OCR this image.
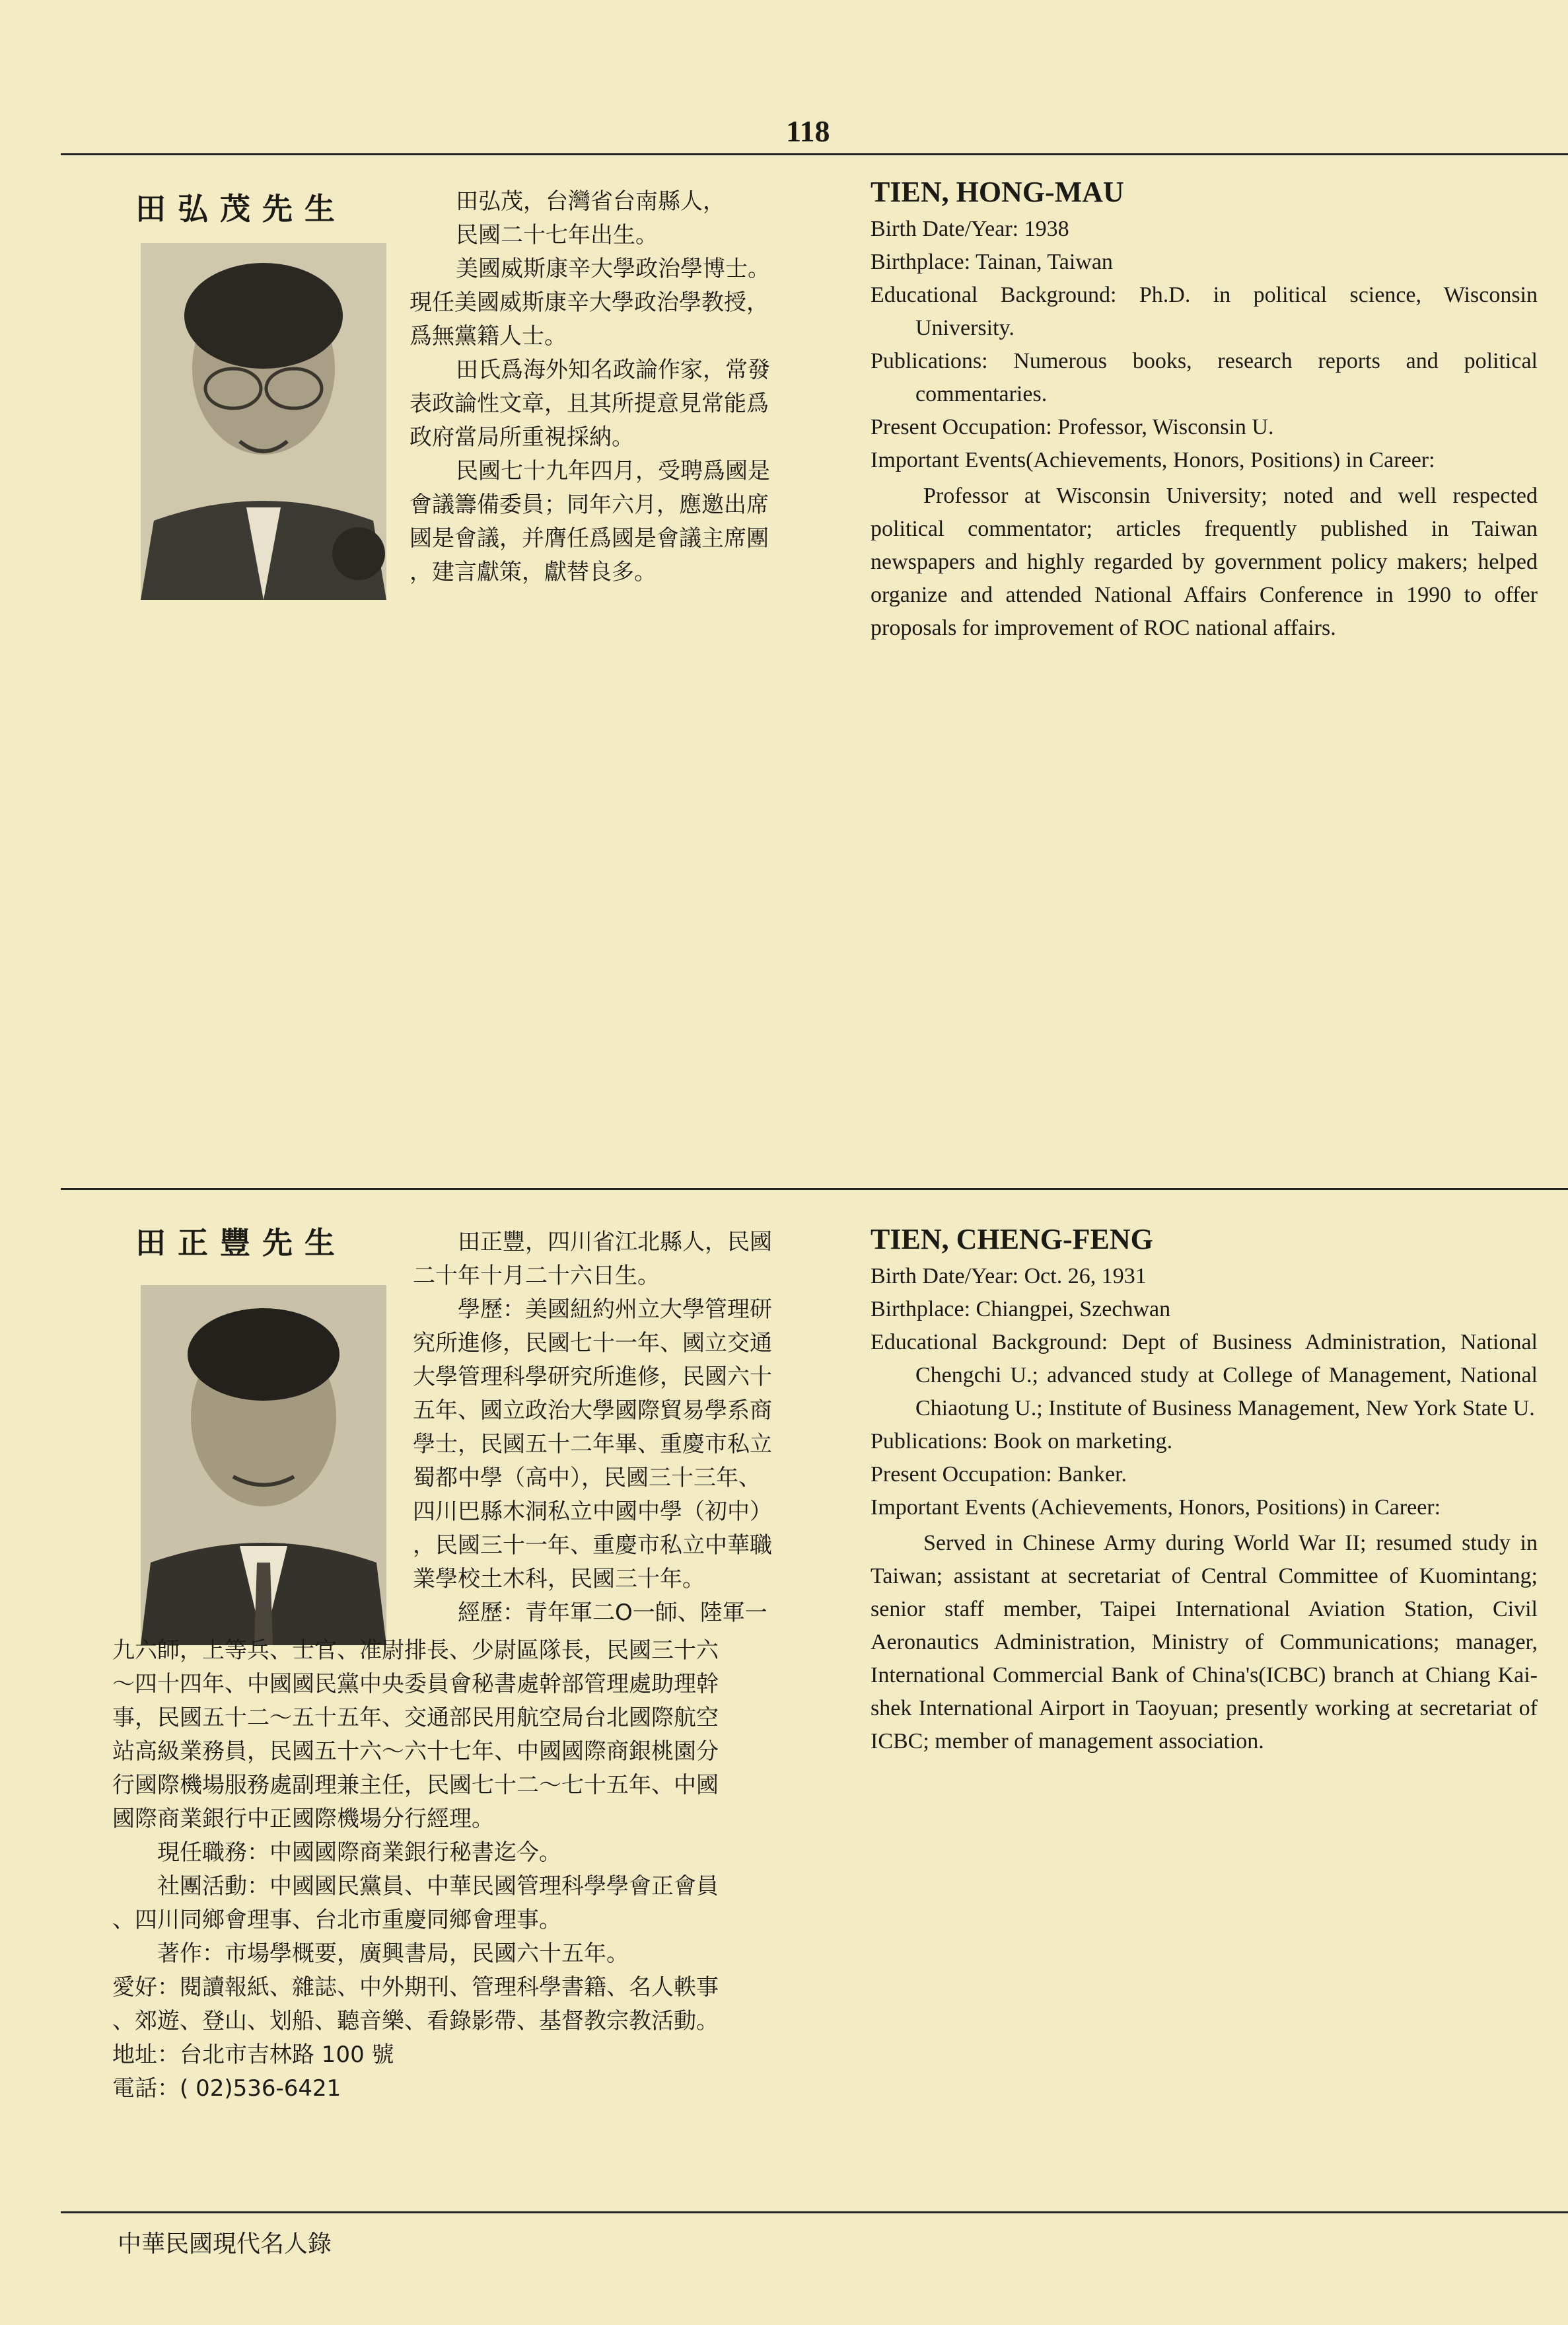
118
田弘茂先生	田弘茂，台灣省台南縣人，
民國二十七年出生。
美國威斯康辛大學政治學博士。
現任美國威斯康辛大學政治學教授，
爲無黨籍人士。
田氏爲海外知名政論作家，常發
表政論性文章，且其所提意見常能爲
政府當局所重視採納。
民國七十九年四月，受聘爲國是
會議籌備委員；同年六月，應邀出席
國是會議，并膺任爲國是會議主席團
，建言獻策，獻替良多。
TIEN, HONG-MAU
Birth Date/Year: 1938
Birthplace: Tainan, Taiwan
Educational Background: Ph.D. in political science, Wisconsin University.
Publications: Numerous books, research reports and political commentaries.
Present Occupation: Professor, Wisconsin U.
Important Events(Achievements, Honors, Positions) in Career:
Professor at Wisconsin University; noted and well respected political commentator; articles frequently published in Taiwan newspapers and highly regarded by government policy makers; helped organize and attended National Affairs Conference in 1990 to offer proposals for improvement of ROC national affairs.
田正豐先生	田正豐，四川省江北縣人，民國
二十年十月二十六日生。
學歷：美國紐約州立大學管理研
究所進修，民國七十一年、國立交通
大學管理科學研究所進修，民國六十
五年、國立政治大學國際貿易學系商
學士，民國五十二年畢、重慶市私立
蜀都中學（高中），民國三十三年、
四川巴縣木洞私立中國中學（初中）
，民國三十一年、重慶市私立中華職
業學校土木科，民國三十年。
經歷：青年軍二O一師、陸軍一
九六師，上等兵、士官、准尉排長、少尉區隊長，民國三十六
～四十四年、中國國民黨中央委員會秘書處幹部管理處助理幹
事，民國五十二～五十五年、交通部民用航空局台北國際航空
站高級業務員，民國五十六～六十七年、中國國際商銀桃園分
行國際機場服務處副理兼主任，民國七十二～七十五年、中國
國際商業銀行中正國際機場分行經理。
現任職務：中國國際商業銀行秘書迄今。
社團活動：中國國民黨員、中華民國管理科學學會正會員
、四川同鄉會理事、台北市重慶同鄉會理事。
著作：市場學概要，廣興書局，民國六十五年。
愛好：閱讀報紙、雜誌、中外期刊、管理科學書籍、名人軼事
、郊遊、登山、划船、聽音樂、看錄影帶、基督教宗教活動。
地址：台北市吉林路 100 號
電話：( 02)536-6421
TIEN, CHENG-FENG
Birth Date/Year: Oct. 26, 1931
Birthplace: Chiangpei, Szechwan
Educational Background: Dept of Business Administration, National Chengchi U.; advanced study at College of Management, National Chiaotung U.; Institute of Business Management, New York State U.
Publications: Book on marketing.
Present Occupation: Banker.
Important Events (Achievements, Honors, Positions) in Career:
Served in Chinese Army during World War II; resumed study in Taiwan; assistant at secretariat of Central Committee of Kuomintang; senior staff member, Taipei International Aviation Station, Civil Aeronautics Administration, Ministry of Communications; manager, International Commercial Bank of China's(ICBC) branch at Chiang Kai-shek International Airport in Taoyuan; presently working at secretariat of ICBC; member of management association.
中華民國現代名人錄
